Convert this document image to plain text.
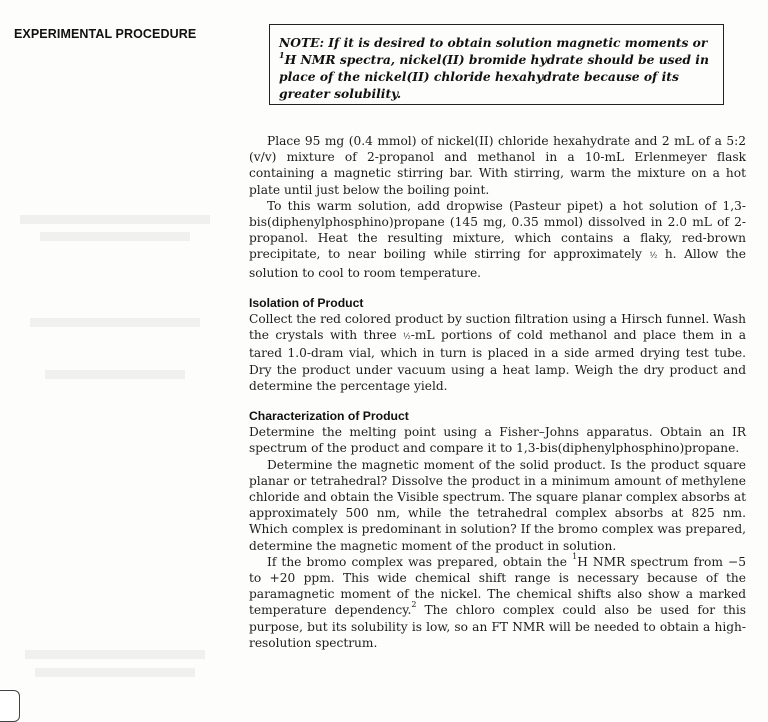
EXPERIMENTAL PROCEDURE
NOTE: If it is desired to obtain solution magnetic moments or $^1$H NMR spectra, nickel(II) bromide hydrate should be used in place of the nickel(II) chloride hexahydrate because of its greater solubility.

Place 95 mg (0.4 mmol) of nickel(II) chloride hexahydrate and 2 mL of a 5:2 (v/v) mixture of 2-propanol and methanol in a 10-mL Erlenmeyer flask containing a magnetic stirring bar. With stirring, warm the mixture on a hot plate until just below the boiling point.

To this warm solution, add dropwise (Pasteur pipet) a hot solution of 1,3-bis(diphenylphosphino)propane (145 mg, 0.35 mmol) dissolved in 2.0 mL of 2-propanol. Heat the resulting mixture, which contains a flaky, red-brown precipitate, to near boiling while stirring for approximately ½ h. Allow the solution to cool to room temperature.

Isolation of Product

Collect the red colored product by suction filtration using a Hirsch funnel. Wash the crystals with three ½-mL portions of cold methanol and place them in a tared 1.0-dram vial, which in turn is placed in a side armed drying test tube. Dry the product under vacuum using a heat lamp. Weigh the dry product and determine the percentage yield.

Characterization of Product

Determine the melting point using a Fisher–Johns apparatus. Obtain an IR spectrum of the product and compare it to 1,3-bis(diphenylphosphino)propane.

Determine the magnetic moment of the solid product. Is the product square planar or tetrahedral? Dissolve the product in a minimum amount of methylene chloride and obtain the Visible spectrum. The square planar complex absorbs at approximately 500 nm, while the tetrahedral complex absorbs at 825 nm. Which complex is predominant in solution? If the bromo complex was prepared, determine the magnetic moment of the product in solution.

If the bromo complex was prepared, obtain the $^1$H NMR spectrum from −5 to +20 ppm. This wide chemical shift range is necessary because of the paramagnetic moment of the nickel. The chemical shifts also show a marked temperature dependency.$^2$ The chloro complex could also be used for this purpose, but its solubility is low, so an FT NMR will be needed to obtain a high-resolution spectrum.
